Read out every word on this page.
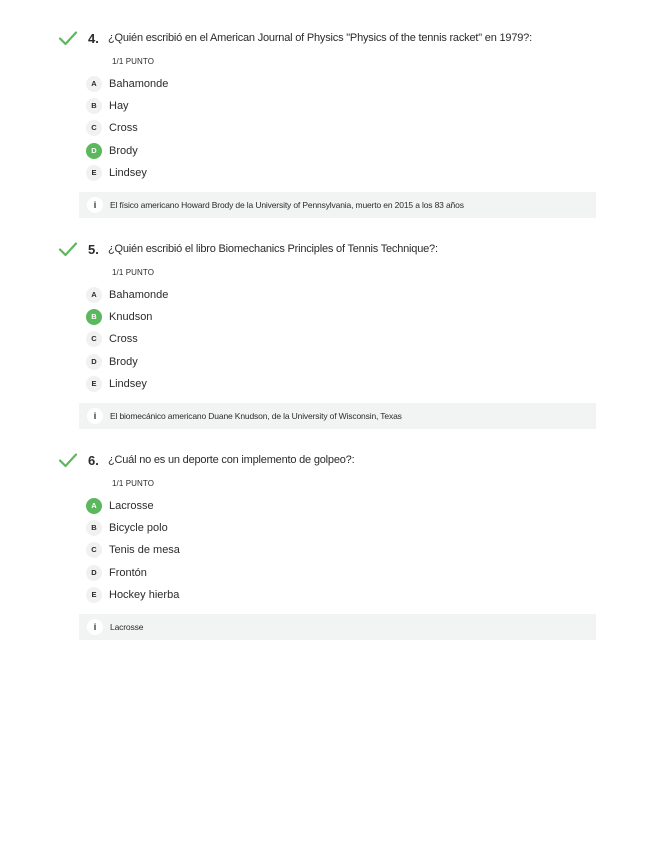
4. ¿Quién escribió en el American Journal of Physics "Physics of the tennis racket" en 1979?:
1/1 PUNTO
A	Bahamonde
B	Hay
C	Cross
D	Brody
E	Lindsey
i	El físico americano Howard Brody de la University of Pennsylvania, muerto en 2015 a los 83 años
5. ¿Quién escribió el libro Biomechanics Principles of Tennis Technique?:
1/1 PUNTO
A	Bahamonde
B	Knudson
C	Cross
D	Brody
E	Lindsey
i	El biomecánico americano Duane Knudson, de la University of Wisconsin, Texas
6. ¿Cuál no es un deporte con implemento de golpeo?:
1/1 PUNTO
A	Lacrosse
B	Bicycle polo
C	Tenis de mesa
D	Frontón
E	Hockey hierba
i	Lacrosse
